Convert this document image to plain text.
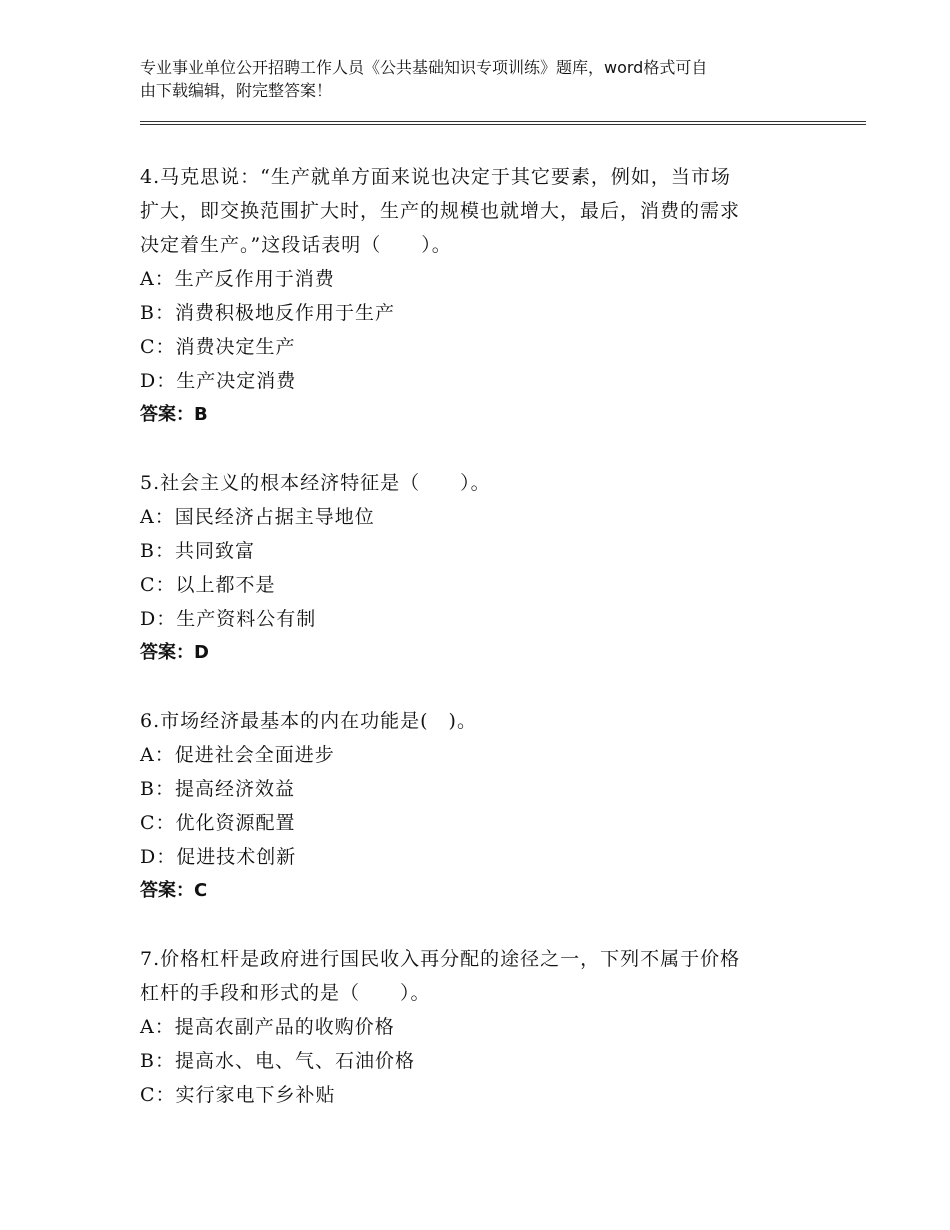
专业事业单位公开招聘工作人员《公共基础知识专项训练》题库，word格式可自
由下载编辑，附完整答案！
4.马克思说：“生产就单方面来说也决定于其它要素，例如，当市场
扩大，即交换范围扩大时，生产的规模也就增大，最后，消费的需求
决定着生产。”这段话表明（　　）。
A：生产反作用于消费
B：消费积极地反作用于生产
C：消费决定生产
D：生产决定消费
答案：B
5.社会主义的根本经济特征是（　　）。
A：国民经济占据主导地位
B：共同致富
C：以上都不是
D：生产资料公有制
答案：D
6.市场经济最基本的内在功能是(　)。
A：促进社会全面进步
B：提高经济效益
C：优化资源配置
D：促进技术创新
答案：C
7.价格杠杆是政府进行国民收入再分配的途径之一，下列不属于价格
杠杆的手段和形式的是（　　）。
A：提高农副产品的收购价格
B：提高水、电、气、石油价格
C：实行家电下乡补贴
